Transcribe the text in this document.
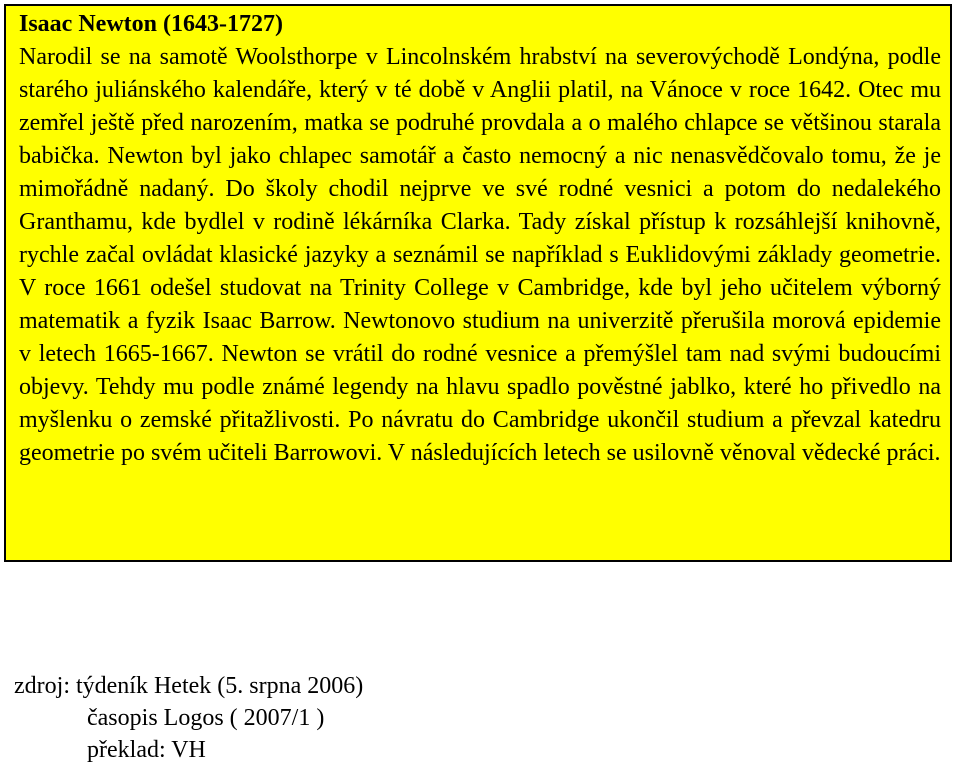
Isaac Newton (1643-1727)

Narodil se na samotě Woolsthorpe v Lincolnském hrabství na severovýchodě Londýna, podle starého juliánského kalendáře, který v té době v Anglii platil, na Vánoce v roce 1642. Otec mu zemřel ještě před narozením, matka se podruhé provdala a o malého chlapce se většinou starala babička. Newton byl jako chlapec samotář a často nemocný a nic nenasvědčovalo tomu, že je mimořádně nadaný. Do školy chodil nejprve ve své rodné vesnici a potom do nedalekého Granthamu, kde bydlel v rodině lékárníka Clarka. Tady získal přístup k rozsáhlejší knihovně, rychle začal ovládat klasické jazyky a seznámil se například s Euklidovými základy geometrie. V roce 1661 odešel studovat na Trinity College v Cambridge, kde byl jeho učitelem výborný matematik a fyzik Isaac Barrow. Newtonovo studium na univerzitě přerušila morová epidemie v letech 1665-1667. Newton se vrátil do rodné vesnice a přemýšlel tam nad svými budoucími objevy. Tehdy mu podle známé legendy na hlavu spadlo pověstné jablko, které ho přivedlo na myšlenku o zemské přitažlivosti. Po návratu do Cambridge ukončil studium a převzal katedru geometrie po svém učiteli Barrowovi. V následujících letech se usilovně věnoval vědecké práci.

zdroj: týdeník Hetek (5. srpna 2006)
časopis Logos ( 2007/1 )
překlad: VH
